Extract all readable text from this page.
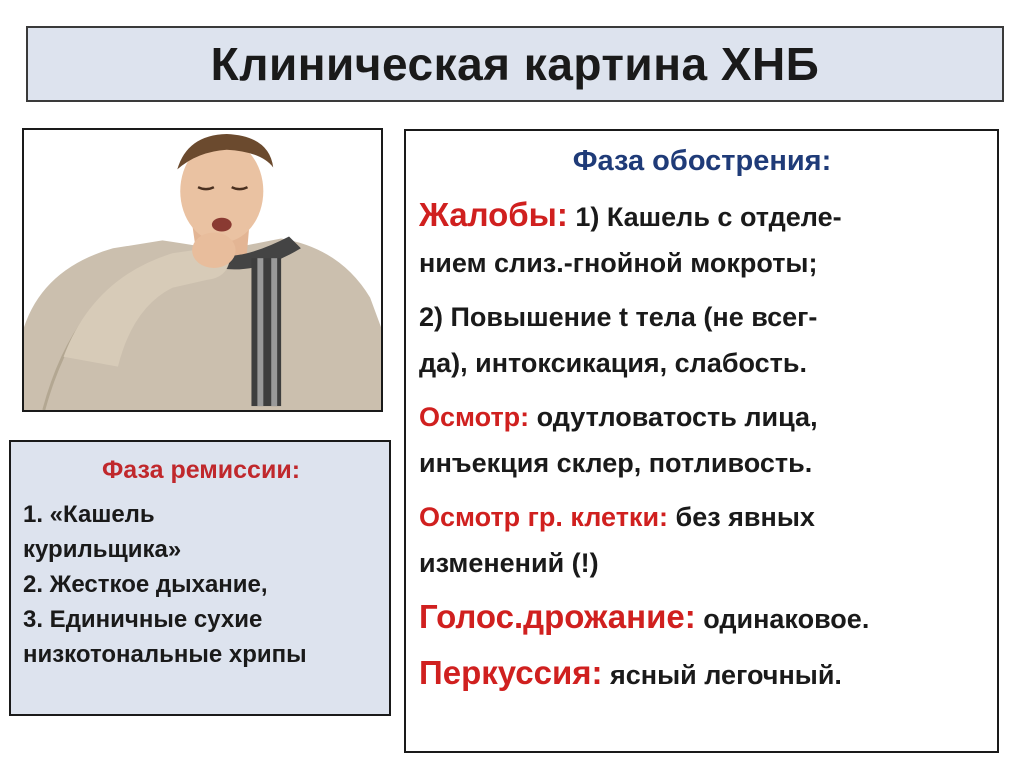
Клиническая картина ХНБ
Фаза ремиссии:
1. «Кашель
курильщика»
2. Жесткое дыхание,
3. Единичные сухие
низкотональные хрипы
Фаза обострения:
Жалобы: 1) Кашель с отделе-
нием слиз.-гнойной мокроты;
2) Повышение t тела (не всег-
да), интоксикация, слабость.
Осмотр: одутловатость лица,
инъекция склер, потливость.
Осмотр гр. клетки: без явных
изменений (!)
Голос.дрожание: одинаковое.
Перкуссия: ясный легочный.
